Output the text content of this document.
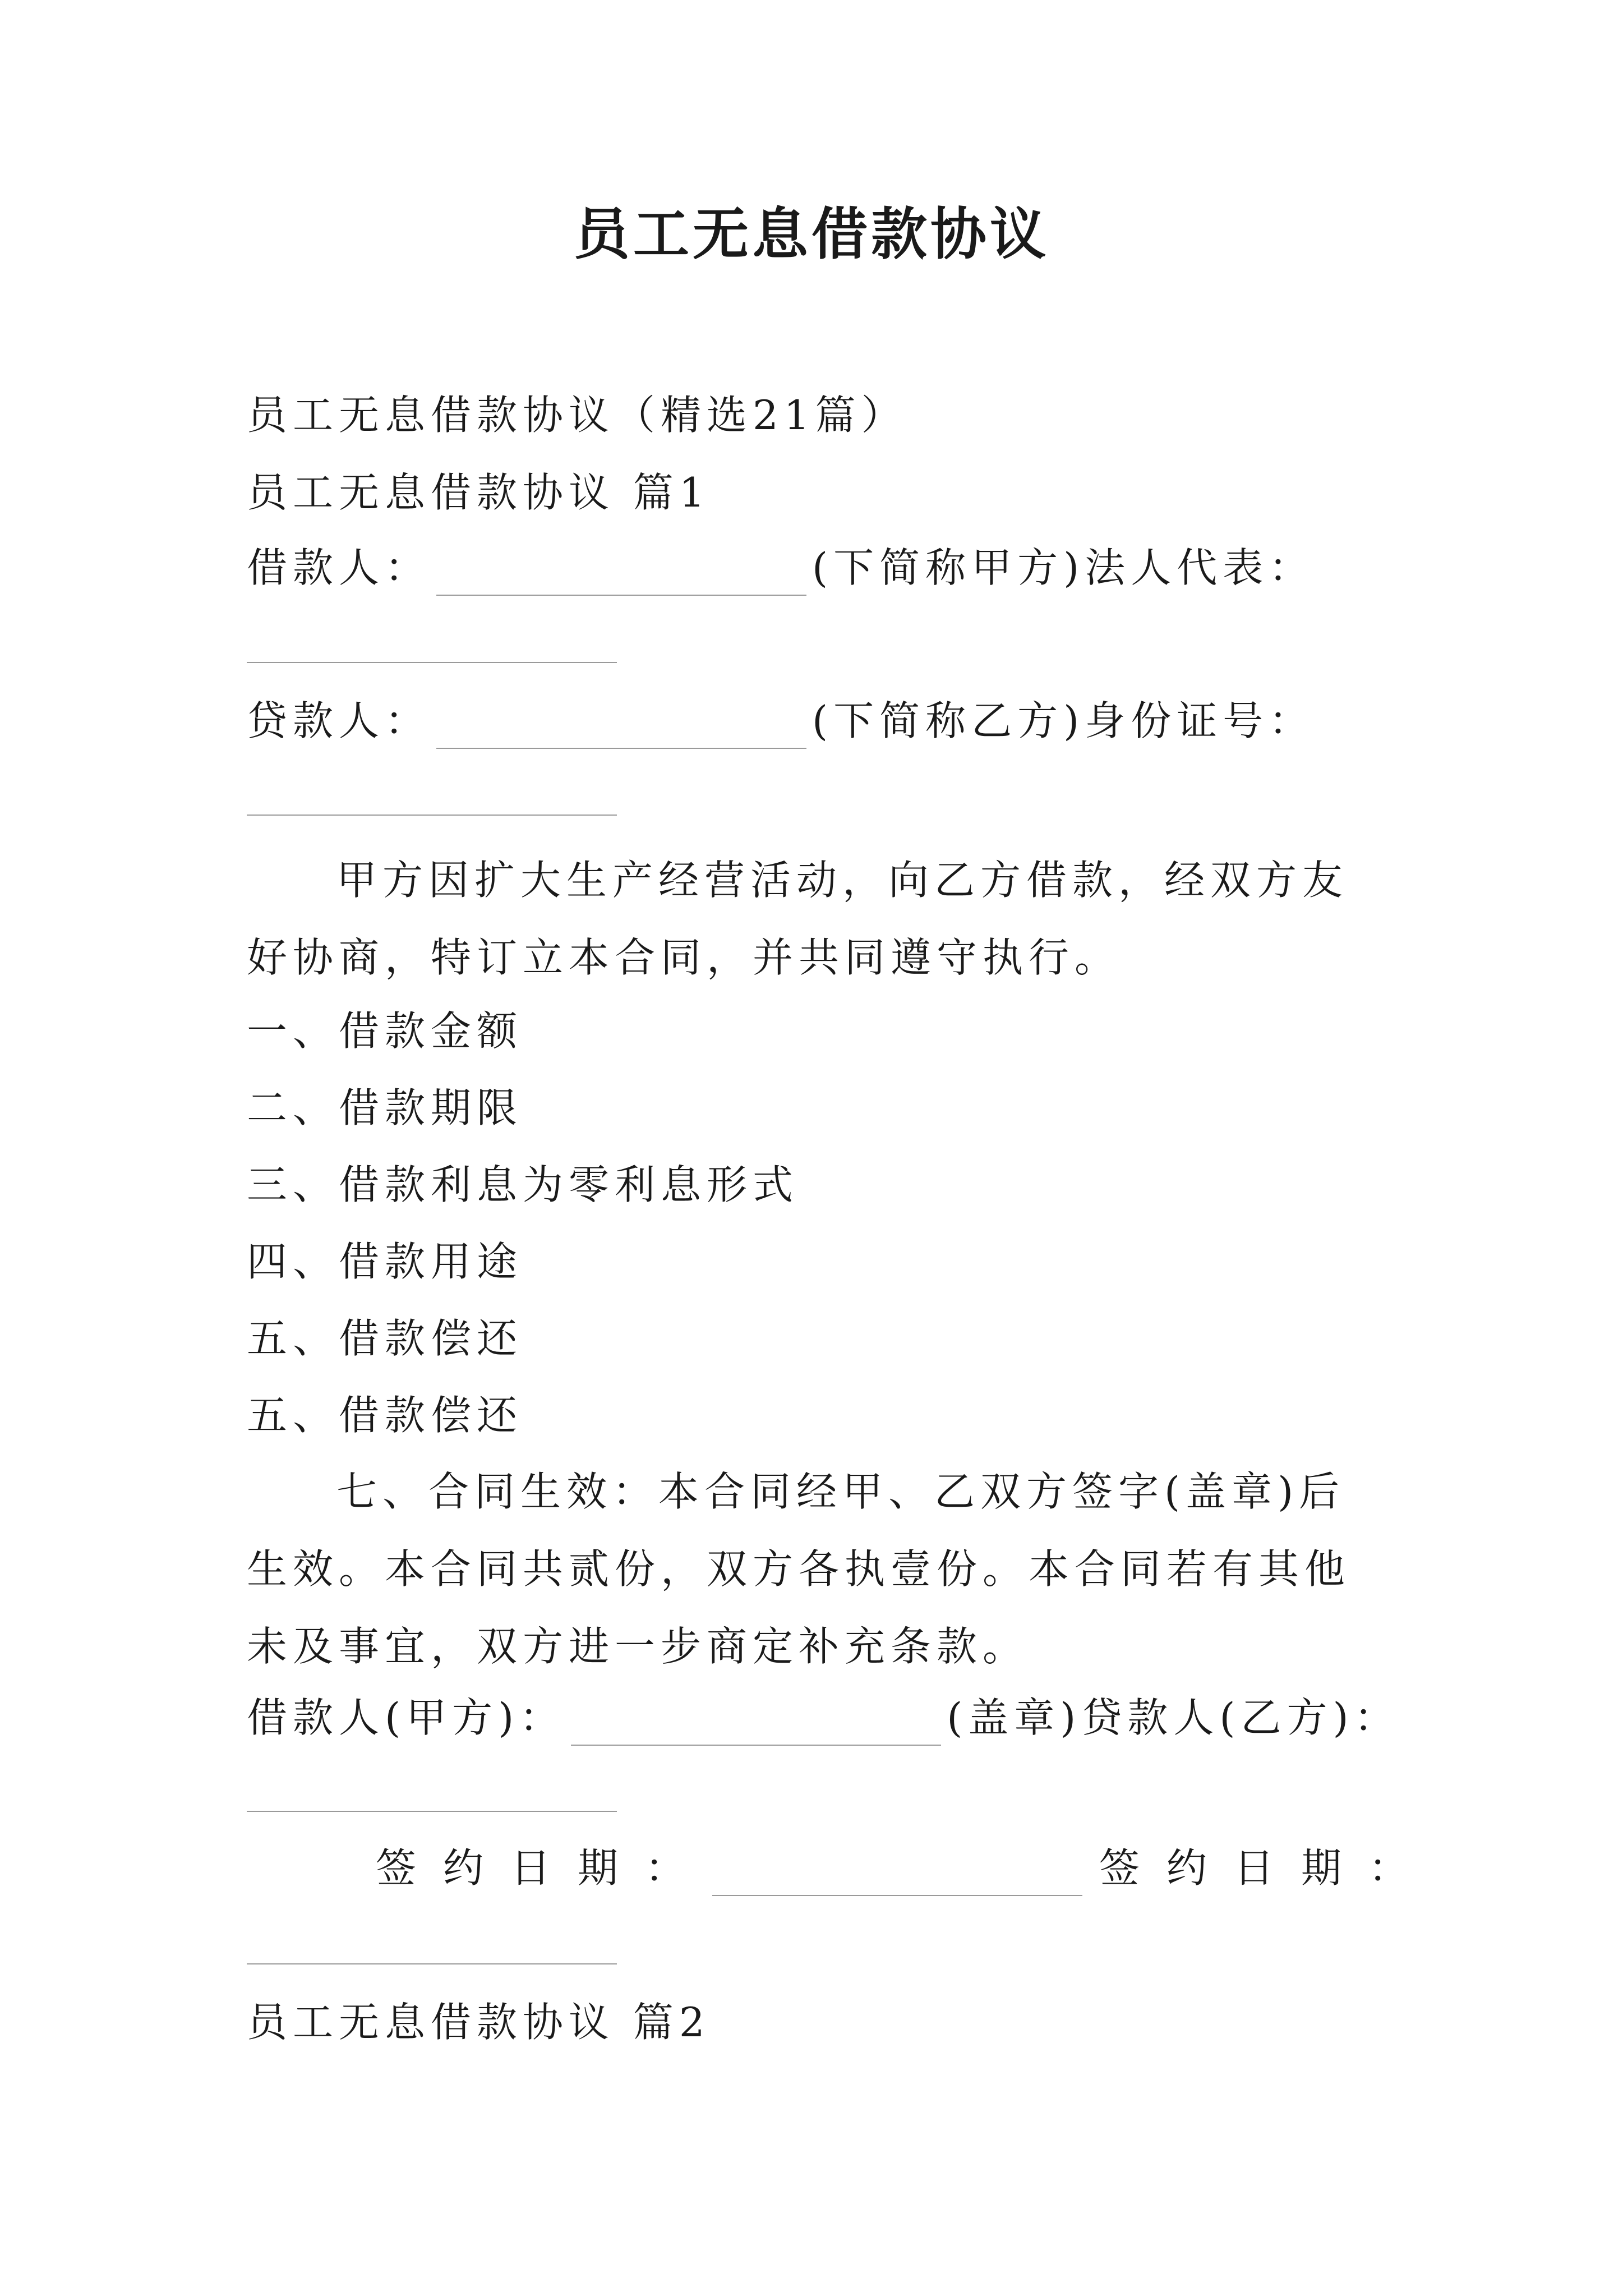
员工无息借款协议
员工无息借款协议（精选21篇）
员工无息借款协议 篇1
借款人：	(下简称甲方)法人代表：
贷款人：	(下简称乙方)身份证号：
甲方因扩大生产经营活动，向乙方借款，经双方友好协商，特订立本合同，并共同遵守执行。
一、借款金额
二、借款期限
三、借款利息为零利息形式
四、借款用途
五、借款偿还
五、借款偿还
七、合同生效：本合同经甲、乙双方签字(盖章)后生效。本合同共贰份，双方各执壹份。本合同若有其他未及事宜，双方进一步商定补充条款。
借款人(甲方)：	(盖章)贷款人(乙方)：
签约日期：	签约日期：
员工无息借款协议 篇2
